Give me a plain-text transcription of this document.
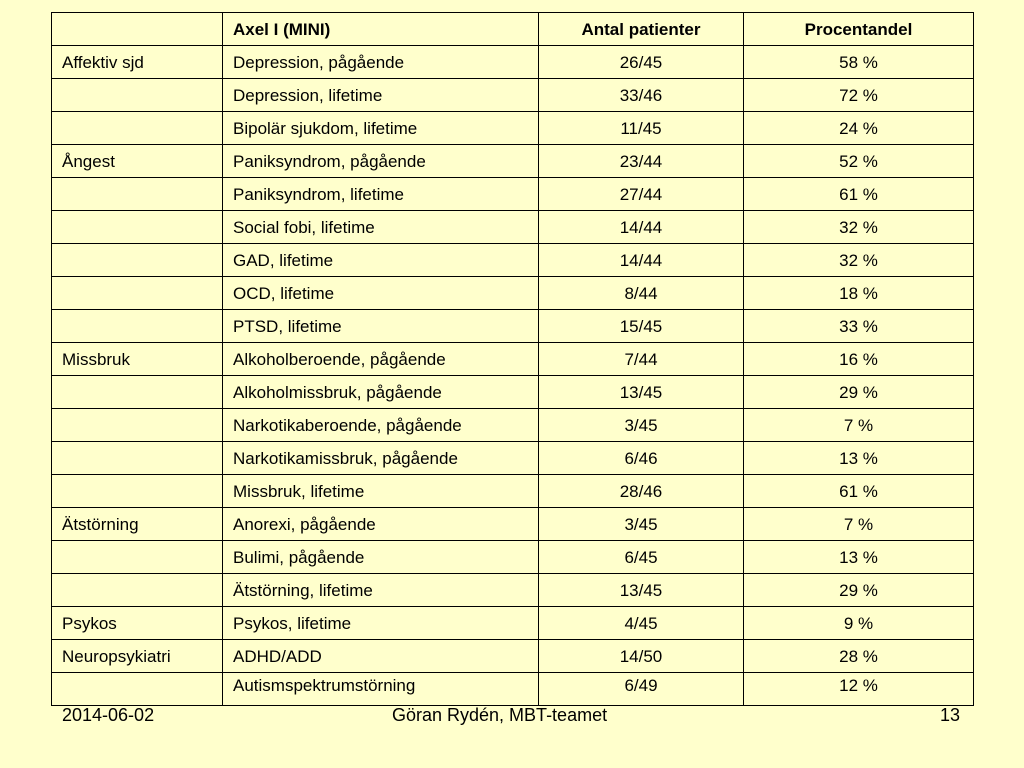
	Axel I (MINI)	Antal patienter	Procentandel
Affektiv sjd	Depression, pågående	26/45	58 %
	Depression, lifetime	33/46	72 %
	Bipolär sjukdom, lifetime	11/45	24 %
Ångest	Paniksyndrom, pågående	23/44	52 %
	Paniksyndrom, lifetime	27/44	61 %
	Social fobi, lifetime	14/44	32 %
	GAD, lifetime	14/44	32 %
	OCD, lifetime	8/44	18 %
	PTSD, lifetime	15/45	33 %
Missbruk	Alkoholberoende, pågående	7/44	16 %
	Alkoholmissbruk, pågående	13/45	29 %
	Narkotikaberoende, pågående	3/45	7 %
	Narkotikamissbruk, pågående	6/46	13 %
	Missbruk, lifetime	28/46	61 %
Ätstörning	Anorexi, pågående	3/45	7 %
	Bulimi, pågående	6/45	13 %
	Ätstörning, lifetime	13/45	29 %
Psykos	Psykos, lifetime	4/45	9 %
Neuropsykiatri	ADHD/ADD	14/50	28 %
	Autismspektrumstörning	6/49	12 %
2014-06-02	Göran Rydén, MBT-teamet	13
